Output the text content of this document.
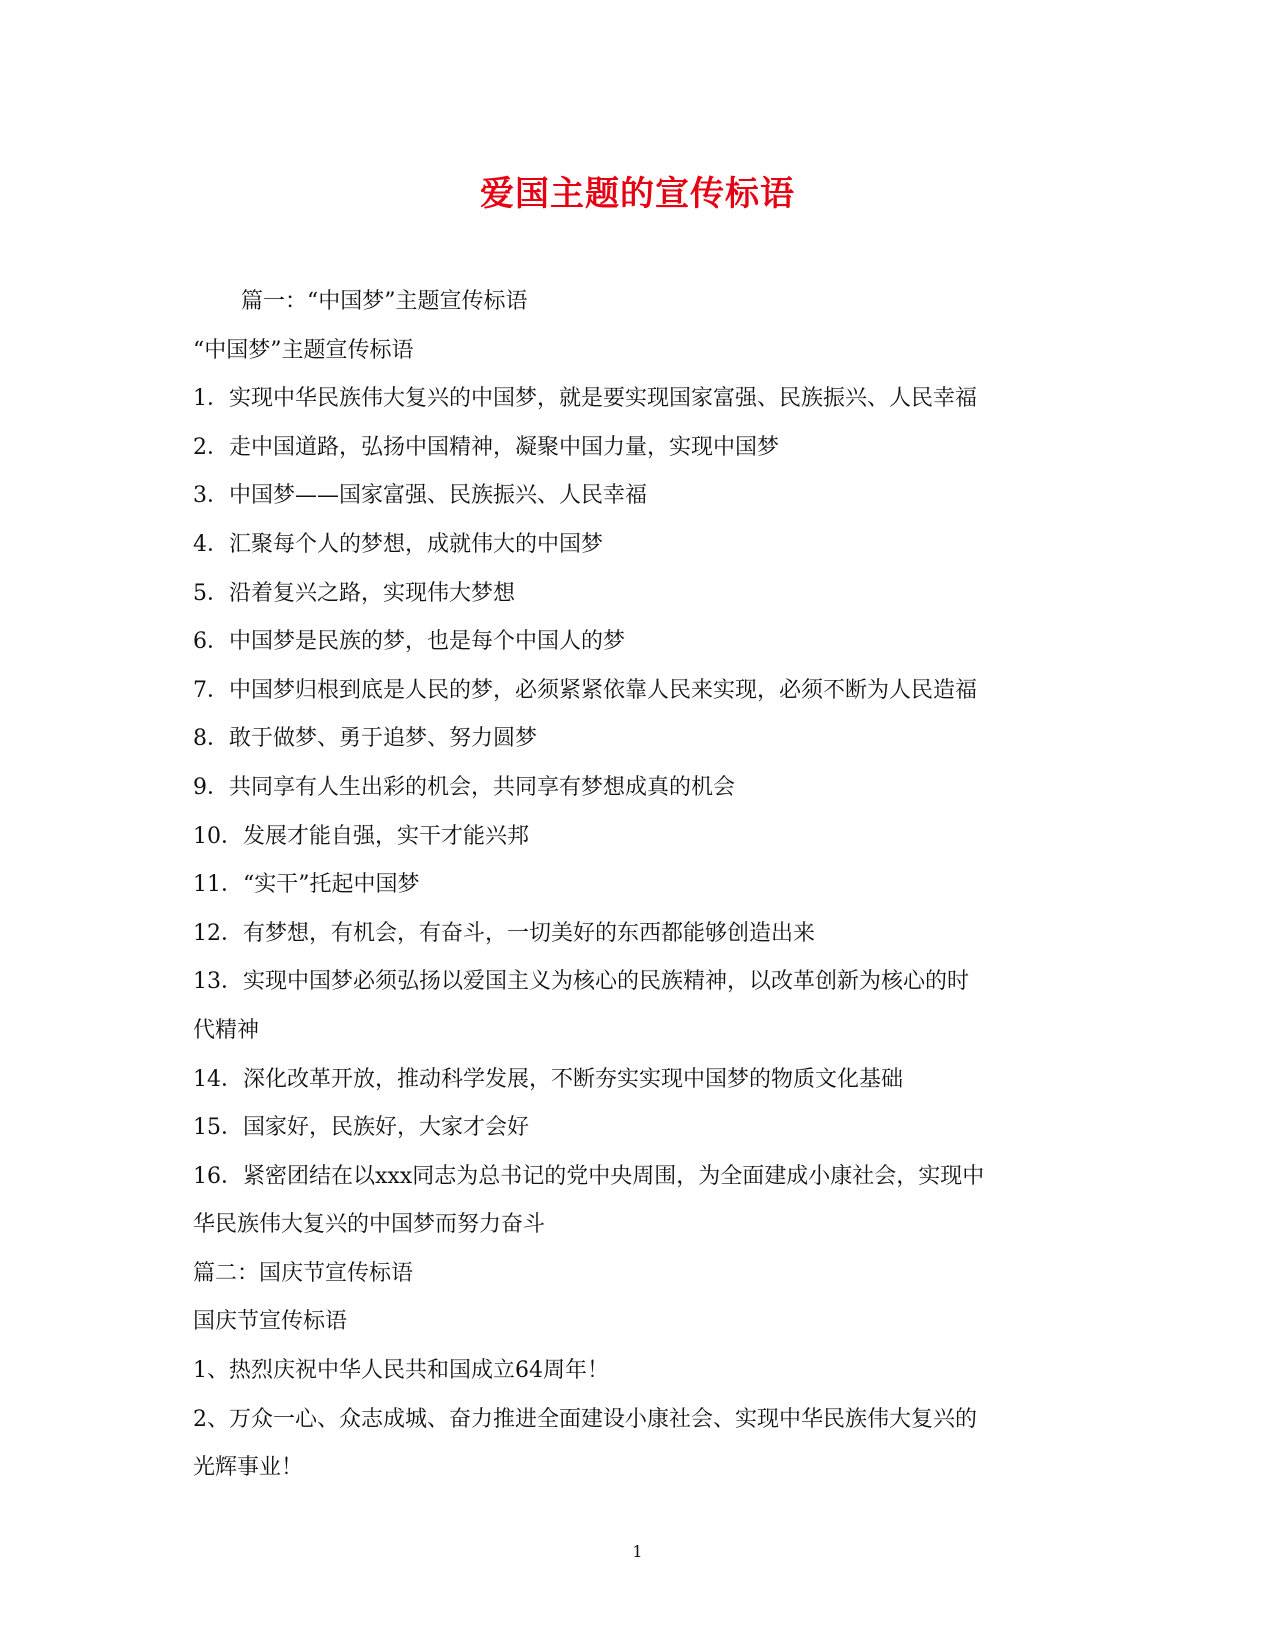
爱国主题的宣传标语
篇一：“中国梦”主题宣传标语
“中国梦”主题宣传标语
1．实现中华民族伟大复兴的中国梦，就是要实现国家富强、民族振兴、人民幸福
2．走中国道路，弘扬中国精神，凝聚中国力量，实现中国梦
3．中国梦——国家富强、民族振兴、人民幸福
4．汇聚每个人的梦想，成就伟大的中国梦
5．沿着复兴之路，实现伟大梦想
6．中国梦是民族的梦，也是每个中国人的梦
7．中国梦归根到底是人民的梦，必须紧紧依靠人民来实现，必须不断为人民造福
8．敢于做梦、勇于追梦、努力圆梦
9．共同享有人生出彩的机会，共同享有梦想成真的机会
10．发展才能自强，实干才能兴邦
11．“实干”托起中国梦
12．有梦想，有机会，有奋斗，一切美好的东西都能够创造出来
13．实现中国梦必须弘扬以爱国主义为核心的民族精神，以改革创新为核心的时
代精神
14．深化改革开放，推动科学发展，不断夯实实现中国梦的物质文化基础
15．国家好，民族好，大家才会好
16．紧密团结在以xxx同志为总书记的党中央周围，为全面建成小康社会，实现中
华民族伟大复兴的中国梦而努力奋斗
篇二：国庆节宣传标语
国庆节宣传标语
1、热烈庆祝中华人民共和国成立64周年！
2、万众一心、众志成城、奋力推进全面建设小康社会、实现中华民族伟大复兴的
光辉事业！
1
